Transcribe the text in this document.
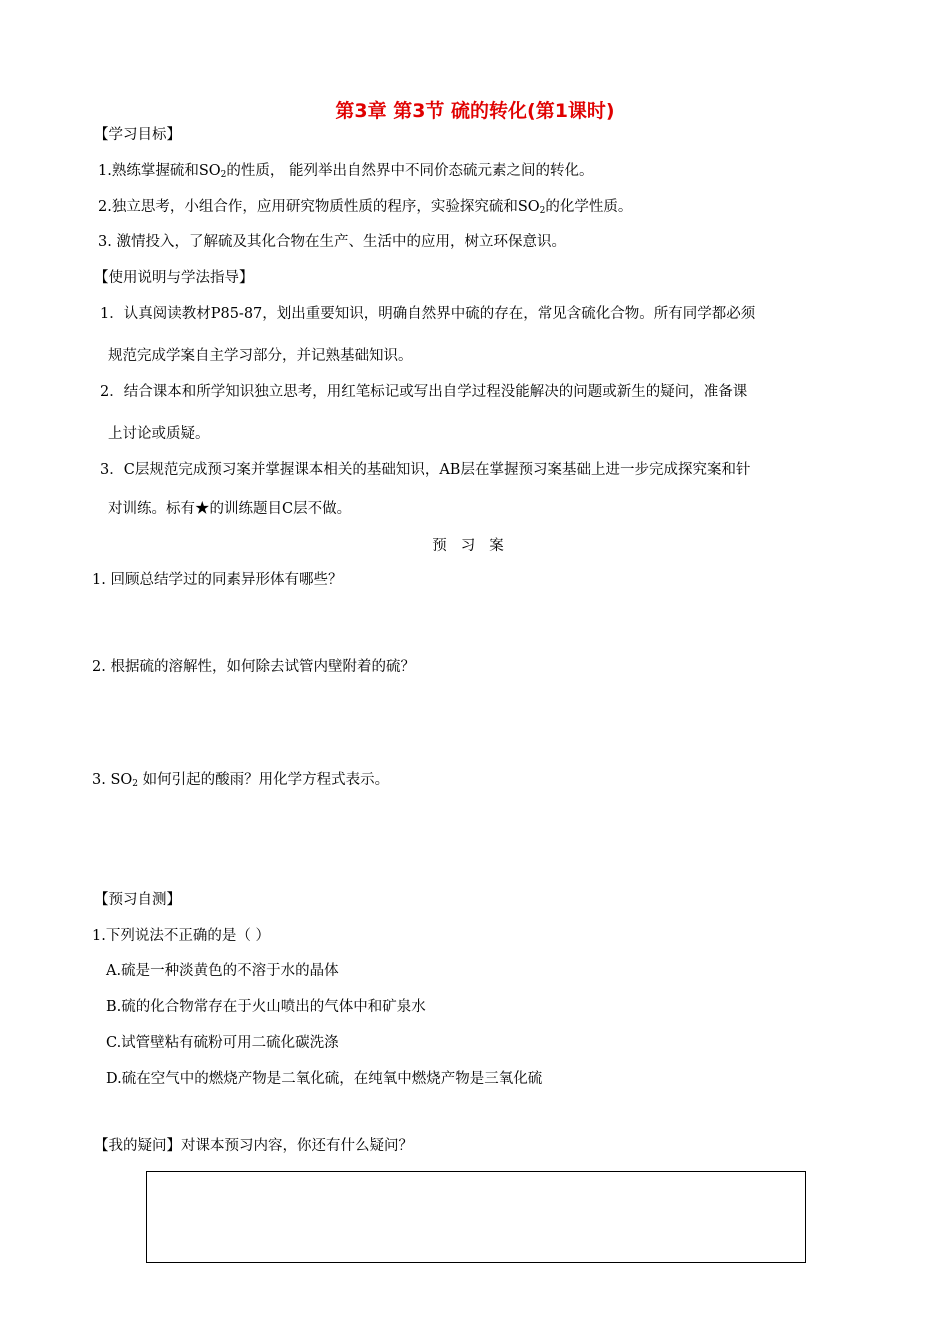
第3章 第3节 硫的转化(第1课时)
【学习目标】
1.熟练掌握硫和$SO_2$的性质， 能列举出自然界中不同价态硫元素之间的转化。
2.独立思考，小组合作，应用研究物质性质的程序，实验探究硫和$SO_2$的化学性质。
3. 激情投入，了解硫及其化合物在生产、生活中的应用，树立环保意识。
【使用说明与学法指导】
1．认真阅读教材P85-87，划出重要知识，明确自然界中硫的存在，常见含硫化合物。所有同学都必须
规范完成学案自主学习部分，并记熟基础知识。
2．结合课本和所学知识独立思考，用红笔标记或写出自学过程没能解决的问题或新生的疑问，准备课
上讨论或质疑。
3．C层规范完成预习案并掌握课本相关的基础知识，AB层在掌握预习案基础上进一步完成探究案和针
对训练。标有★的训练题目C层不做。
预习案
1. 回顾总结学过的同素异形体有哪些？
2. 根据硫的溶解性，如何除去试管内壁附着的硫？
3. $SO_2$ 如何引起的酸雨？用化学方程式表示。
【预习自测】
1.下列说法不正确的是（ ）
A.硫是一种淡黄色的不溶于水的晶体
B.硫的化合物常存在于火山喷出的气体中和矿泉水
C.试管壁粘有硫粉可用二硫化碳洗涤
D.硫在空气中的燃烧产物是二氧化硫，在纯氧中燃烧产物是三氧化硫
【我的疑问】对课本预习内容，你还有什么疑问？
